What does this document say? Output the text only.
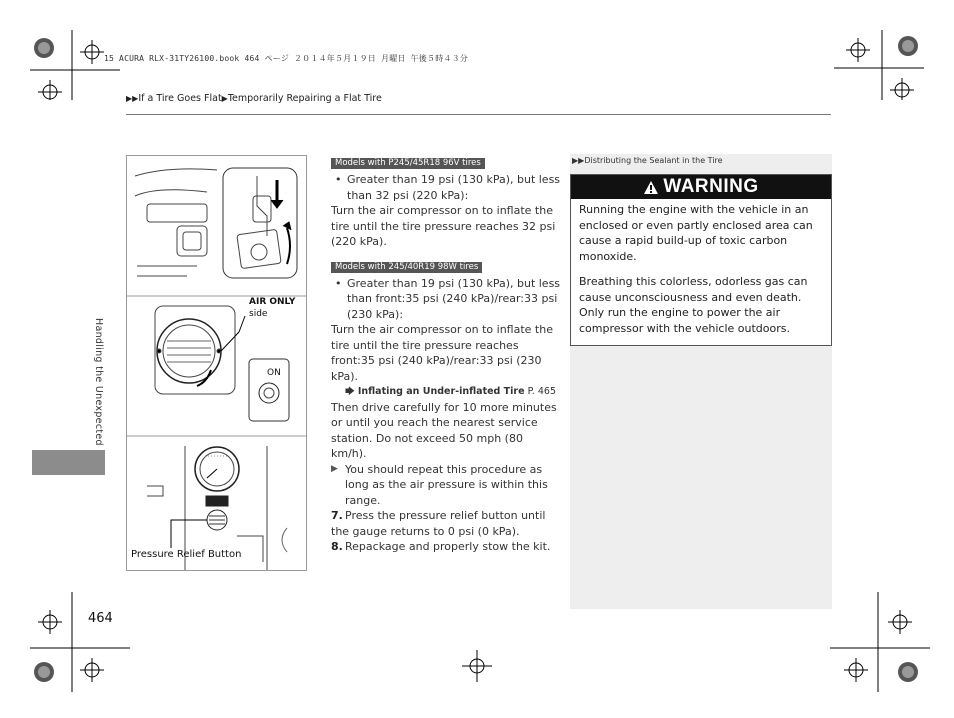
15 ACURA RLX-31TY26100.book 464 ページ ２０１４年５月１９日 月曜日 午後５時４３分
▶▶If a Tire Goes Flat▶Temporarily Repairing a Flat Tire
Handling the Unexpected
464
AIR ONLY
side
ON
Pressure Relief Button
Models with P245/45R18 96V tires

• Greater than 19 psi (130 kPa), but less than 32 psi (220 kPa):

Turn the air compressor on to inflate the tire until the tire pressure reaches 32 psi (220 kPa).

Models with 245/40R19 98W tires

• Greater than 19 psi (130 kPa), but less than front:35 psi (240 kPa)/rear:33 psi (230 kPa):

Turn the air compressor on to inflate the tire until the tire pressure reaches front:35 psi (240 kPa)/rear:33 psi (230 kPa).

🡆 Inflating an Under-inflated Tire P. 465

Then drive carefully for 10 more minutes or until you reach the nearest service station. Do not exceed 50 mph (80 km/h).

▶ You should repeat this procedure as long as the air pressure is within this range.

7. Press the pressure relief button until the gauge returns to 0 psi (0 kPa).

8. Repackage and properly stow the kit.

▶▶Distributing the Sealant in the Tire
WARNING

Running the engine with the vehicle in an enclosed or even partly enclosed area can cause a rapid build-up of toxic carbon monoxide.

Breathing this colorless, odorless gas can cause unconsciousness and even death. Only run the engine to power the air compressor with the vehicle outdoors.
